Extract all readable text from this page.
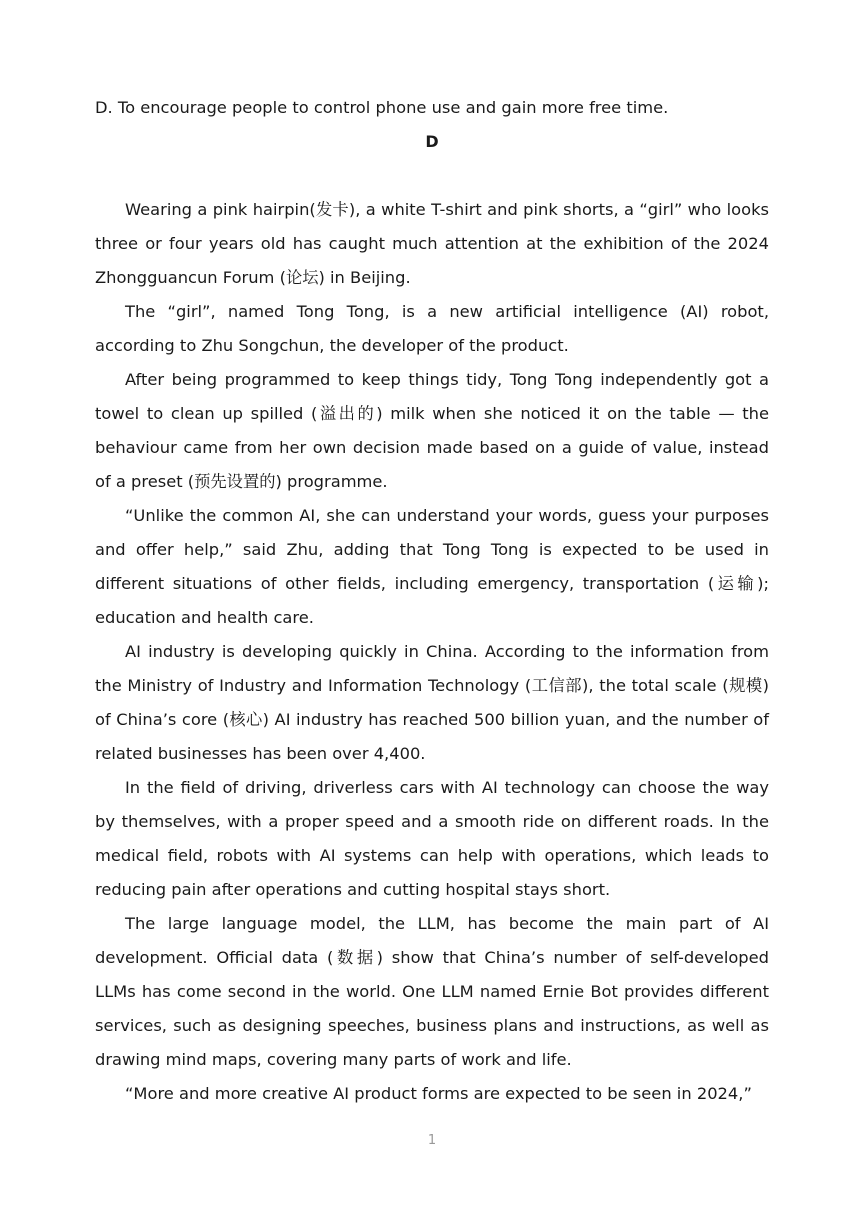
D. To encourage people to control phone use and gain more free time.
D

Wearing a pink hairpin(发卡), a white T-shirt and pink shorts, a “girl” who looks three or four years old has caught much attention at the exhibition of the 2024 Zhongguancun Forum (论坛) in Beijing.

The “girl”, named Tong Tong, is a new artificial intelligence (AI) robot, according to Zhu Songchun, the developer of the product.

After being programmed to keep things tidy, Tong Tong independently got a towel to clean up spilled (溢出的) milk when she noticed it on the table — the behaviour came from her own decision made based on a guide of value, instead of a preset (预先设置的) programme.

“Unlike the common AI, she can understand your words, guess your purposes and offer help,” said Zhu, adding that Tong Tong is expected to be used in different situations of other fields, including emergency, transportation (运输); education and health care.

AI industry is developing quickly in China. According to the information from the Ministry of Industry and Information Technology (工信部), the total scale (规模) of China’s core (核心) AI industry has reached 500 billion yuan, and the number of related businesses has been over 4,400.

In the field of driving, driverless cars with AI technology can choose the way by themselves, with a proper speed and a smooth ride on different roads. In the medical field, robots with AI systems can help with operations, which leads to reducing pain after operations and cutting hospital stays short.

The large language model, the LLM, has become the main part of AI development. Official data (数据) show that China’s number of self-developed LLMs has come second in the world. One LLM named Ernie Bot provides different services, such as designing speeches, business plans and instructions, as well as drawing mind maps, covering many parts of work and life.

“More and more creative AI product forms are expected to be seen in 2024,”

1
